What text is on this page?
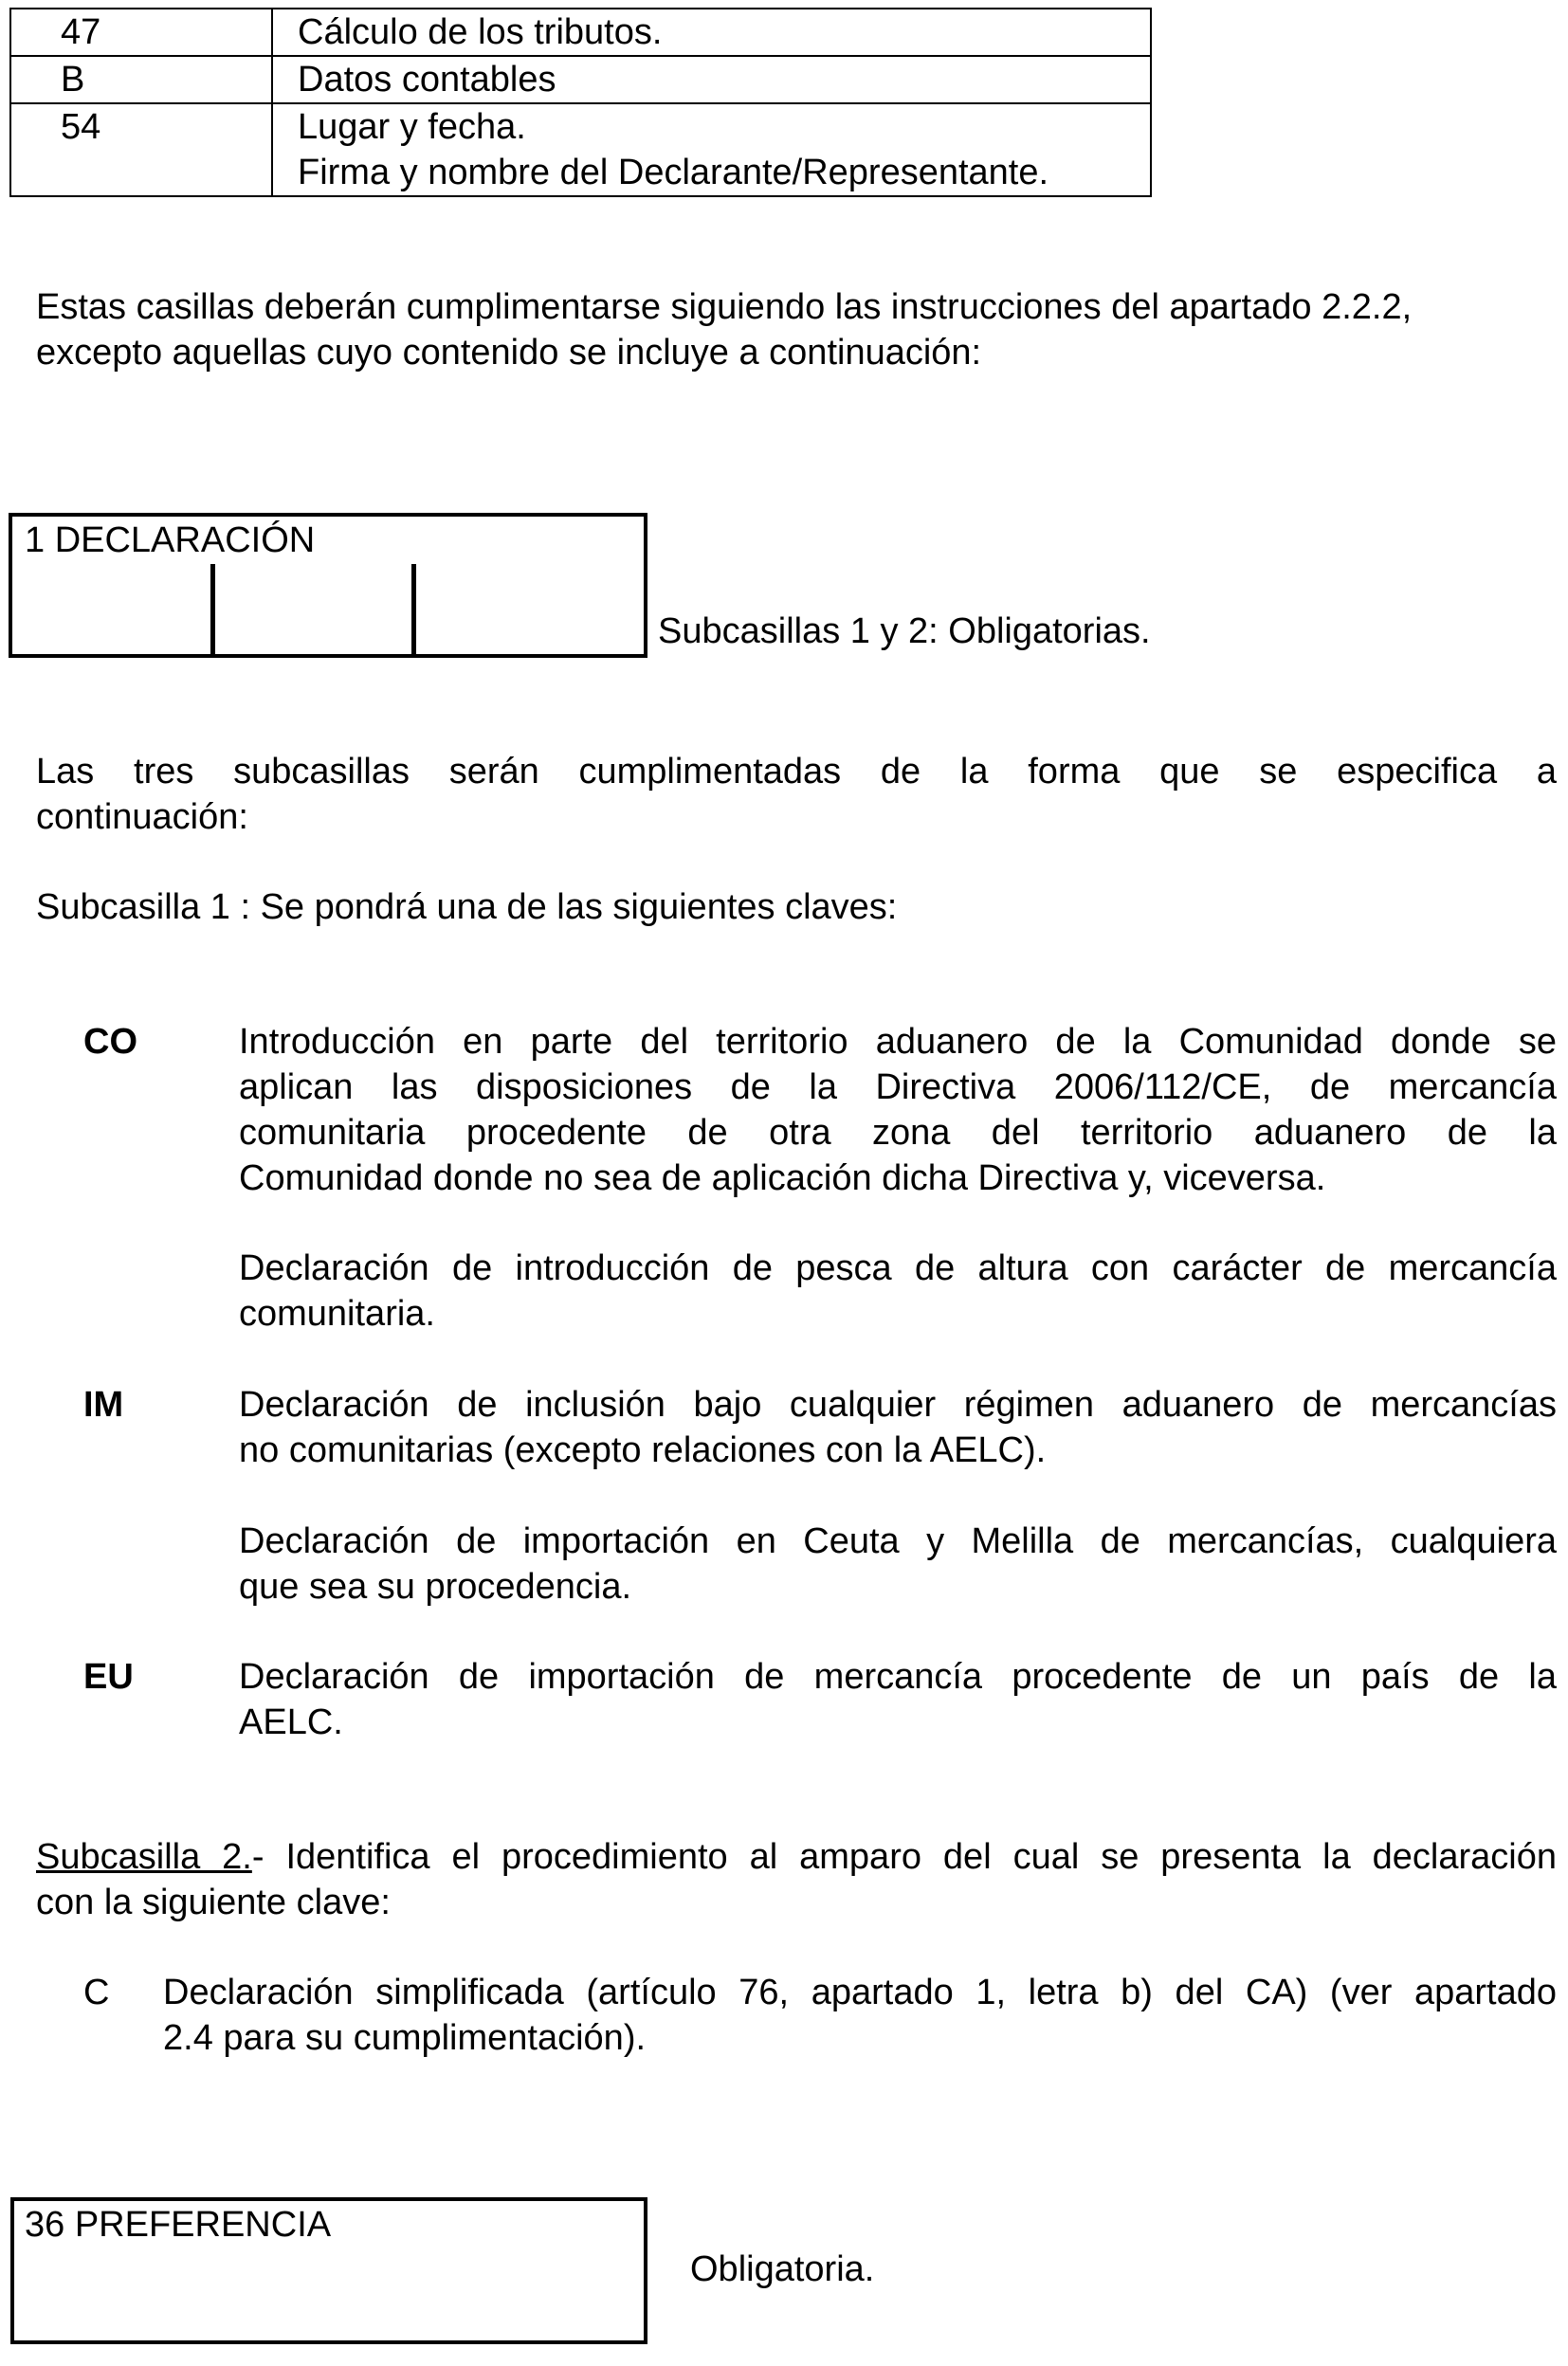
47	Cálculo de los tributos.
B	Datos contables
54	Lugar y fecha.
Firma y nombre del Declarante/Representante.
Estas casillas deberán cumplimentarse siguiendo las instrucciones del apartado 2.2.2,
excepto aquellas cuyo contenido se incluye a continuación:
1 DECLARACIÓN
Subcasillas 1 y 2: Obligatorias.
Las tres subcasillas serán cumplimentadas de la forma que se especifica a
continuación:
Subcasilla 1 : Se pondrá una de las siguientes claves:
CO	Introducción en parte del territorio aduanero de la Comunidad donde se
aplican las disposiciones de la Directiva 2006/112/CE, de mercancía
comunitaria procedente de otra zona del territorio aduanero de la
Comunidad donde no sea de aplicación dicha Directiva y, viceversa.
Declaración de introducción de pesca de altura con carácter de mercancía
comunitaria.
IM	Declaración de inclusión bajo cualquier régimen aduanero de mercancías
no comunitarias (excepto relaciones con la AELC).
Declaración de importación en Ceuta y Melilla de mercancías, cualquiera
que sea su procedencia.
EU	Declaración de importación de mercancía procedente de un país de la
AELC.
Subcasilla 2.- Identifica el procedimiento al amparo del cual se presenta la declaración
con la siguiente clave:
C Declaración simplificada (artículo 76, apartado 1, letra b) del CA) (ver apartado
2.4 para su cumplimentación).
36 PREFERENCIA
Obligatoria.
